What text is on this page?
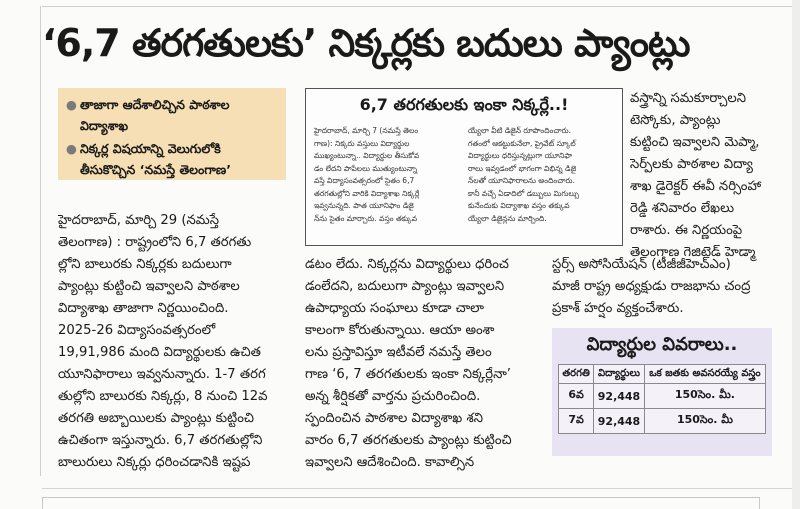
‘6,7 తరగతులకు’ నిక్కర్లకు బదులు ప్యాంట్లు
● తాజాగా ఆదేశాలిచ్చిన పాఠశాల విద్యాశాఖ
● నిక్కర్ల విషయాన్ని వెలుగులోకి తీసుకొచ్చిన ‘నమస్తే తెలంగాణ’
6,7 తరగతులకు ఇంకా నిక్కర్లే..!

హైదరాబాద్, మార్చి 7 (నమస్తే తెలం

గాణ): నిక్కరు వస్తులు విద్యార్థుల

ముఖ్యంటున్నా.. విద్యార్థుల తీసుకోవ

డం లేదని పాపేలలు ముత్యుంటున్నా

వస్తే విద్యాసంవత్సరంలో సైతం 6,7

తరగతుల్లోని వారికి విద్యాశాఖ నిక్కర్లే

ఇవ్వనున్నది. పాత యూనిఫాం డిజై

న్‌ను సైతం మార్చారు. వస్తం తక్కువ

య్యేలా వీటి డిజైన్ రూపొందించారు.

గతంలో ఆకట్టుకునేలా, ప్రైవేట్ స్కూల్

విద్యార్థులు ధరిస్తున్నట్లుగా యూనిఫా

రాలు ఇవ్వడంలో భాగంగా విభిన్న డిజై

న్‌లతో యూనిఫారాలను అందించారు.

కానీ వచ్చే ఏడాదిలో డబ్బులు మిగుల్చు

కునేందుకు విద్యాశాఖ వస్తం తక్కువ

య్యేలా డిజైన్లను మార్చింది.

హైదరాబాద్, మార్చి 29 (నమస్తే

తెలంగాణ) : రాష్ట్రంలోని 6,7 తరగతు

ల్లోని బాలురకు నిక్కర్లకు బదులుగా

ప్యాంట్లు కుట్టించి ఇవ్వాలని పాఠశాల

విద్యాశాఖ తాజాగా నిర్ణయించింది.

2025-26 విద్యాసంవత్సరంలో

19,91,986 మంది విద్యార్థులకు ఉచిత

యూనిఫారాలు ఇవ్వనున్నారు. 1-7 తరగ

తుల్లోని బాలురకు నిక్కర్లు, 8 నుంచి 12వ

తరగతి అబ్బాయిలకు ప్యాంట్లు కుట్టించి

ఉచితంగా ఇస్తున్నారు. 6,7 తరగతుల్లోని

బాలురులు నిక్కర్లు ధరించడానికి ఇష్టప

డటం లేదు. నిక్కర్లను విద్యార్థులు ధరించ

డంలేదని, బదులుగా ప్యాంట్లు ఇవ్వాలని

ఉపాధ్యాయ సంఘాలు కూడా చాలా

కాలంగా కోరుతున్నాయి. ఆయా అంశా

లను ప్రస్తావిస్తూ ఇటీవలే నమస్తే తెలం

గాణ ‘6, 7 తరగతులకు ఇంకా నిక్కర్లేనా’

అన్న శీర్షికతో వార్తను ప్రచురించింది.

స్పందించిన పాఠశాల విద్యాశాఖ శని

వారం 6,7 తరగతులకు ప్యాంట్లు కుట్టించి

ఇవ్వాలని ఆదేశించింది. కావాల్సిన

వస్త్రాన్ని సమకూర్చాలని

టెస్కోకు, ప్యాంట్లు

కుట్టించి ఇవ్వాలని మెప్మా,

సెర్ప్‌లకు పాఠశాల విద్యా

శాఖ డైరెక్టర్ ఈవీ నర్సింహా

రెడ్డి శనివారం లేఖలు

రాశారు. ఈ నిర్ణయంపై

తెలంగాణ గెజిటెడ్ హెడ్మా

స్టర్స్ అసోసియేషన్ (టీజీజీహెచ్ఎం)

మాజీ రాష్ట్ర అధ్యక్షుడు రాజభాను చంద్ర

ప్రకాశ్ హర్షం వ్యక్తంచేశారు.

విద్యార్థుల వివరాలు..
తరగతి	విద్యార్థులు	ఒక జతకు అవసరయ్యే వస్త్రం
6వ	92,448	150సెం. మీ.
7వ	92,448	150సెం. మీ
